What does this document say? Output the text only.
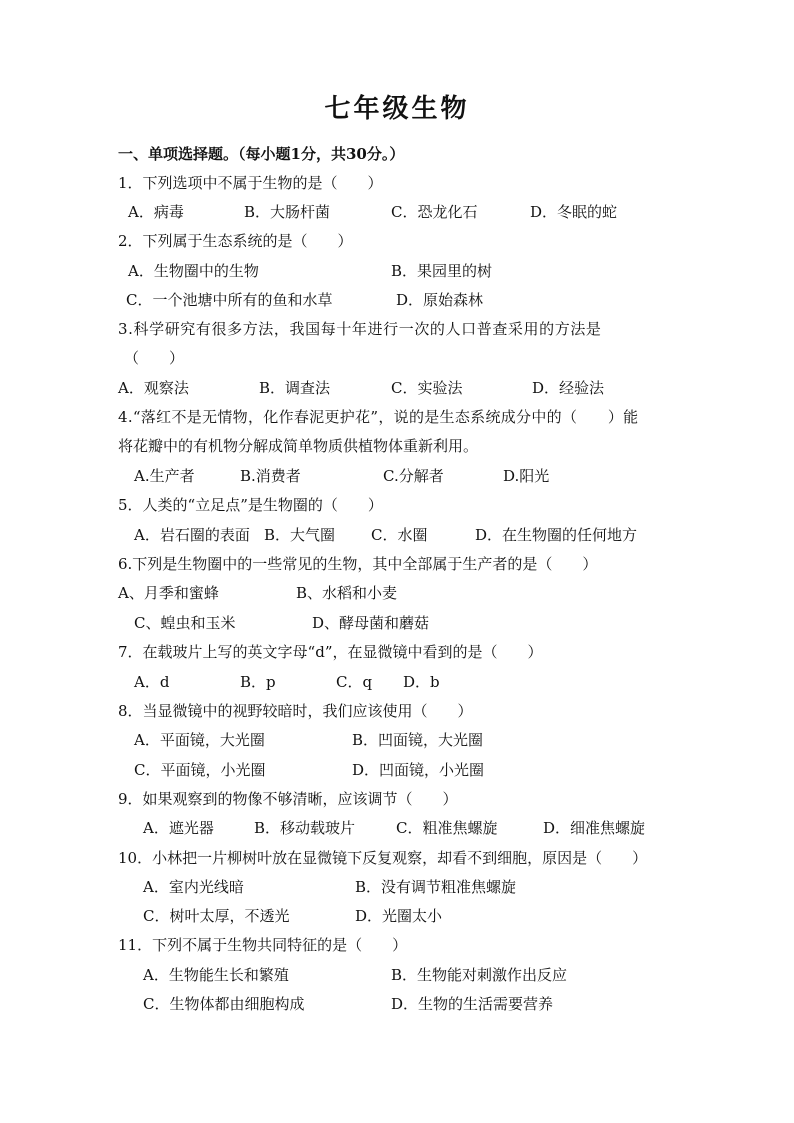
七年级生物
一、单项选择题。（每小题1分，共30分。）
1．下列选项中不属于生物的是（　　）
A．病毒	B．大肠杆菌	C．恐龙化石	D．冬眠的蛇
2．下列属于生态系统的是（　　）
A．生物圈中的生物	B．果园里的树
C．一个池塘中所有的鱼和水草	D．原始森林
3.科学研究有很多方法，我国每十年进行一次的人口普查采用的方法是
（　　）
A．观察法	B．调查法	C．实验法	D．经验法
4.“落红不是无情物，化作春泥更护花”，说的是生态系统成分中的（　　）能
将花瓣中的有机物分解成简单物质供植物体重新利用。
A.生产者	B.消费者	C.分解者	D.阳光
5．人类的“立足点”是生物圈的（　　）
A．岩石圈的表面 B．大气圈 C．水圈	D．在生物圈的任何地方
6.下列是生物圈中的一些常见的生物，其中全部属于生产者的是（　　）
A、月季和蜜蜂	B、水稻和小麦
C、蝗虫和玉米	D、酵母菌和蘑菇
7．在载玻片上写的英文字母“d”，在显微镜中看到的是（　　）
A．d	B．p	C．q D．b
8．当显微镜中的视野较暗时，我们应该使用（　　）
A．平面镜，大光圈	B．凹面镜，大光圈
C．平面镜，小光圈	D．凹面镜，小光圈
9．如果观察到的物像不够清晰，应该调节（　　）
A．遮光器	B．移动载玻片	C．粗准焦螺旋	D．细准焦螺旋
10．小林把一片柳树叶放在显微镜下反复观察，却看不到细胞，原因是（　　）
A．室内光线暗	B．没有调节粗准焦螺旋
C．树叶太厚，不透光	D．光圈太小
11．下列不属于生物共同特征的是（　　）
A．生物能生长和繁殖	B．生物能对刺激作出反应
C．生物体都由细胞构成	D．生物的生活需要营养
